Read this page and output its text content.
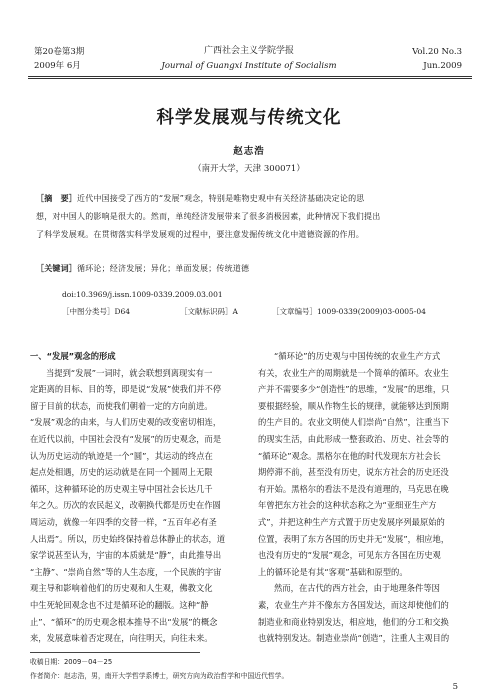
第20卷第3期
2009年 6月
广西社会主义学院学报
Journal of Guangxi Institute of Socialism
Vol.20 No.3
Jun.2009
科学发展观与传统文化
赵志浩
（南开大学，天津 300071）
［摘　要］近代中国接受了西方的“发展”观念，特别是唯物史观中有关经济基础决定论的思
想，对中国人的影响是很大的。然而，单纯经济发展带来了很多消极因素，此种情况下我们提出
了科学发展观。在贯彻落实科学发展观的过程中，要注意发掘传统文化中道德资源的作用。
［关键词］循环论；经济发展；异化；单面发展；传统道德
doi:10.3969/j.issn.1009-0339.2009.03.001
［中图分类号］D64	［文献标识码］A	［文章编号］1009-0339(2009)03-0005-04
一、“发展”观念的形成
当提到“发展”一词时，就会联想到离现实有一
定距离的目标、目的等，即是说“发展”使我们并不停
留于目前的状态，而使我们朝着一定的方向前进。
“发展”观念的由来，与人们历史观的改变密切相连，
在近代以前，中国社会没有“发展”的历史观念，而是
认为历史运动的轨迹是一个“圆”，其运动的终点在
起点处相遇，历史的运动就是在同一个圆周上无限
循环，这种循环论的历史观主导中国社会长达几千
年之久。历次的农民起义，改朝换代都是历史在作圆
周运动，就像一年四季的交替一样，“五百年必有圣
人出焉”。所以，历史始终保持着总体静止的状态，道
家学说甚至认为，宇宙的本质就是“静”，由此推导出
“主静”、“崇尚自然”等的人生态度，一个民族的宇宙
观主导和影响着他们的历史观和人生观，佛教文化
中生死轮回观念也不过是循环论的翻版。这种“静
止”、“循环”的历史观念根本推导不出“发展”的概念
来，发展意味着否定现在，向往明天，向往未来。
“循环论”的历史观与中国传统的农业生产方式
有关，农业生产的周期就是一个简单的循环。农业生
产并不需要多少“创造性”的思维，“发展”的思维，只
要根据经验，顺从作物生长的规律，就能够达到预期
的生产目的。农业文明使人们崇尚“自然”，注重当下
的现实生活，由此形成一整套政治、历史、社会等的
“循环论”观念。黑格尔在他的时代发现东方社会长
期停滞不前，甚至没有历史，说东方社会的历史还没
有开始。黑格尔的看法不是没有道理的，马克思在晚
年曾把东方社会的这种状态称之为“亚细亚生产方
式”，并把这种生产方式置于历史发展序列最原始的
位置，表明了东方各国的历史并无“发展”，相应地，
也没有历史的“发展”观念，可见东方各国在历史观
上的循环论是有其“客观”基础和原型的。
然而，在古代的西方社会，由于地理条件等因
素，农业生产并不像东方各国发达，而这却使他们的
制造业和商业特别发达，相应地，他们的分工和交换
也就特别发达。制造业崇尚“创造”，注重人主观目的
收稿日期：2009－04－25
作者简介：赵志浩，男，南开大学哲学系博士，研究方向为政治哲学和中国近代哲学。
5
